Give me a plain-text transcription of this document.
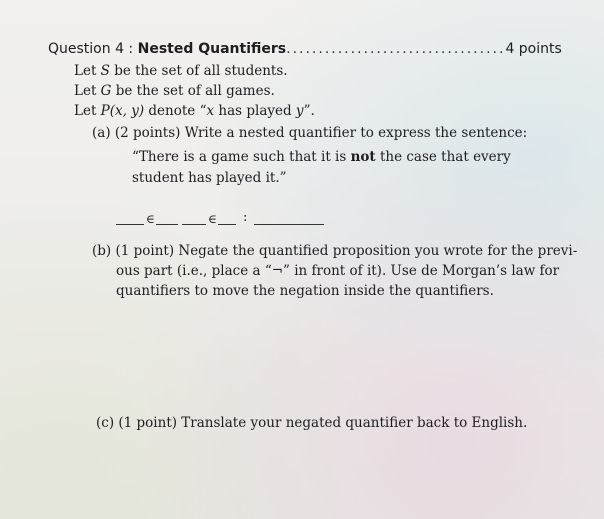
Question 4 : Nested Quantifiers..................................4 points
Let S be the set of all students.
Let G be the set of all games.
Let P(x, y) denote “x has played y”.
(a) (2 points) Write a nested quantifier to express the sentence:
“There is a game such that it is not the case that every
student has played it.”
∈	∈ :
(b) (1 point) Negate the quantified proposition you wrote for the previ-
ous part (i.e., place a “¬” in front of it). Use de Morgan’s law for
quantifiers to move the negation inside the quantifiers.
(c) (1 point) Translate your negated quantifier back to English.
